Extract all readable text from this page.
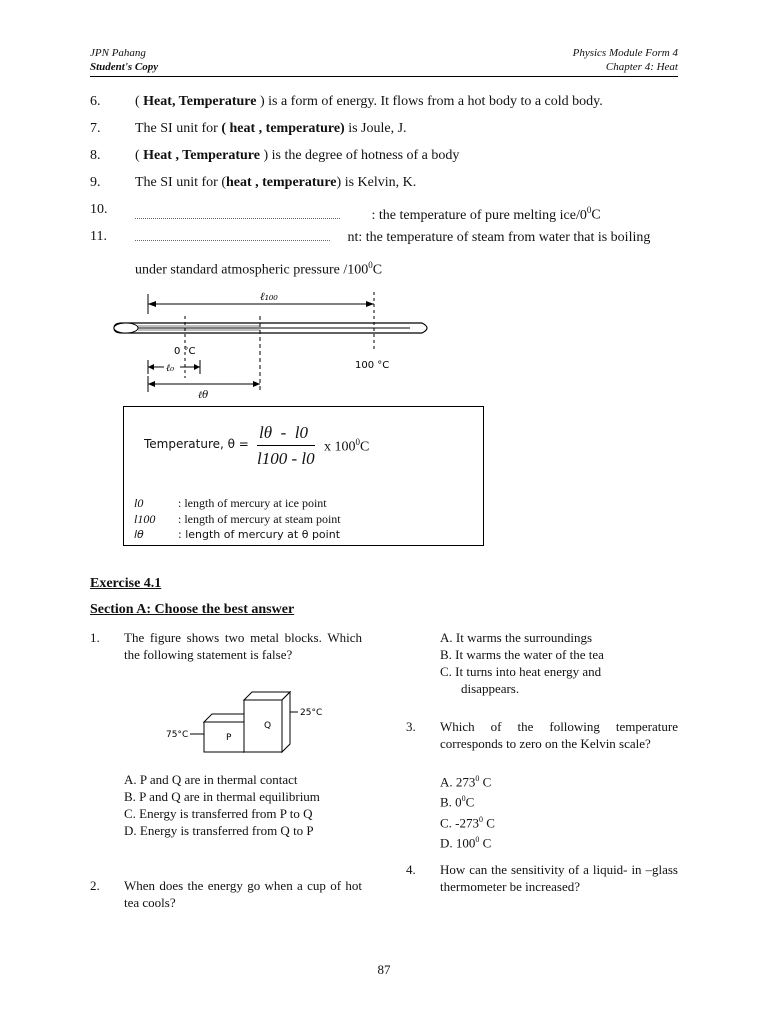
JPN Pahang
Student's Copy
Physics Module Form 4
Chapter 4: Heat
6. ( Heat, Temperature ) is a form of energy. It flows from a hot body to a cold body.
7. The SI unit for ( heat , temperature) is Joule, J.
8. ( Heat , Temperature ) is the degree of hotness of a body
9. The SI unit for (heat , temperature) is Kelvin, K.
10.	: the temperature of pure melting ice/$0^0C$
11.	nt: the temperature of steam from water that is boiling
under standard atmospheric pressure $/100^0C$
ℓ₁₀₀
0 °C
100 °C
ℓ₀
ℓθ
Temperature, θ =
lθ - l0
l100 - l0
x $100^0C$
l0	: length of mercury at ice point
l100 : length of mercury at steam point
lθ	: length of mercury at θ point
Exercise 4.1
Section A: Choose the best answer
1. The figure shows two metal blocks. Which the following statement is false?
P
Q
75°C
25°C
A. P and Q are in thermal contact
B. P and Q are in thermal equilibrium
C. Energy is transferred from P to Q
D. Energy is transferred from Q to P
2. When does the energy go when a cup of hot tea cools?
A. It warms the surroundings
B. It warms the water of the tea
C. It turns into heat energy and
disappears.
3. Which of the following temperature corresponds to zero on the Kelvin scale?
A. $273^0$ C
B. $0^0C$
C. $-273^0$ C
D. $100^0$ C
4. How can the sensitivity of a liquid- in –glass thermometer be increased?
87
